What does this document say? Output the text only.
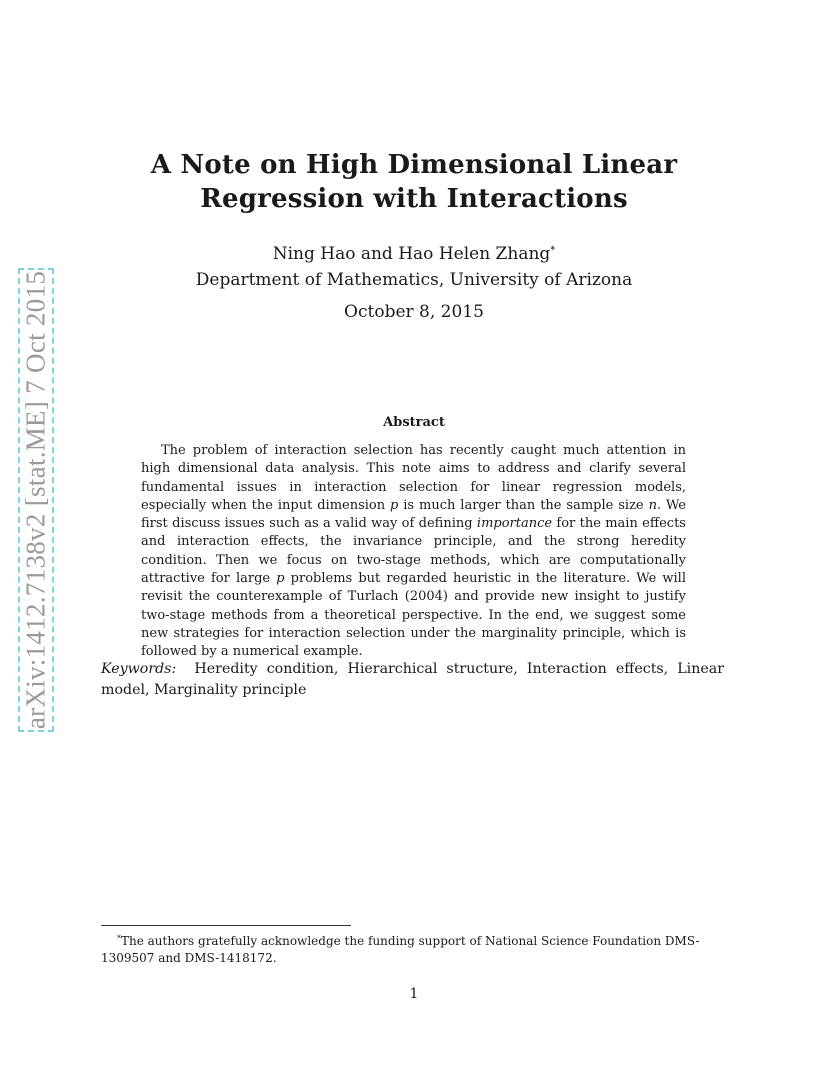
arXiv:1412.7138v2 [stat.ME] 7 Oct 2015
A Note on High Dimensional Linear
Regression with Interactions
Ning Hao and Hao Helen Zhang*
Department of Mathematics, University of Arizona
October 8, 2015
Abstract
The problem of interaction selection has recently caught much attention in high dimensional data analysis. This note aims to address and clarify several fundamental issues in interaction selection for linear regression models, especially when the input dimension p is much larger than the sample size n. We first discuss issues such as a valid way of defining importance for the main effects and interaction effects, the invariance principle, and the strong heredity condition. Then we focus on two-stage methods, which are computationally attractive for large p problems but regarded heuristic in the literature. We will revisit the counterexample of Turlach (2004) and provide new insight to justify two-stage methods from a theoretical perspective. In the end, we suggest some new strategies for interaction selection under the marginality principle, which is followed by a numerical example.
Keywords: Heredity condition, Hierarchical structure, Interaction effects, Linear model, Marginality principle
*The authors gratefully acknowledge the funding support of National Science Foundation DMS-1309507 and DMS-1418172.
1
